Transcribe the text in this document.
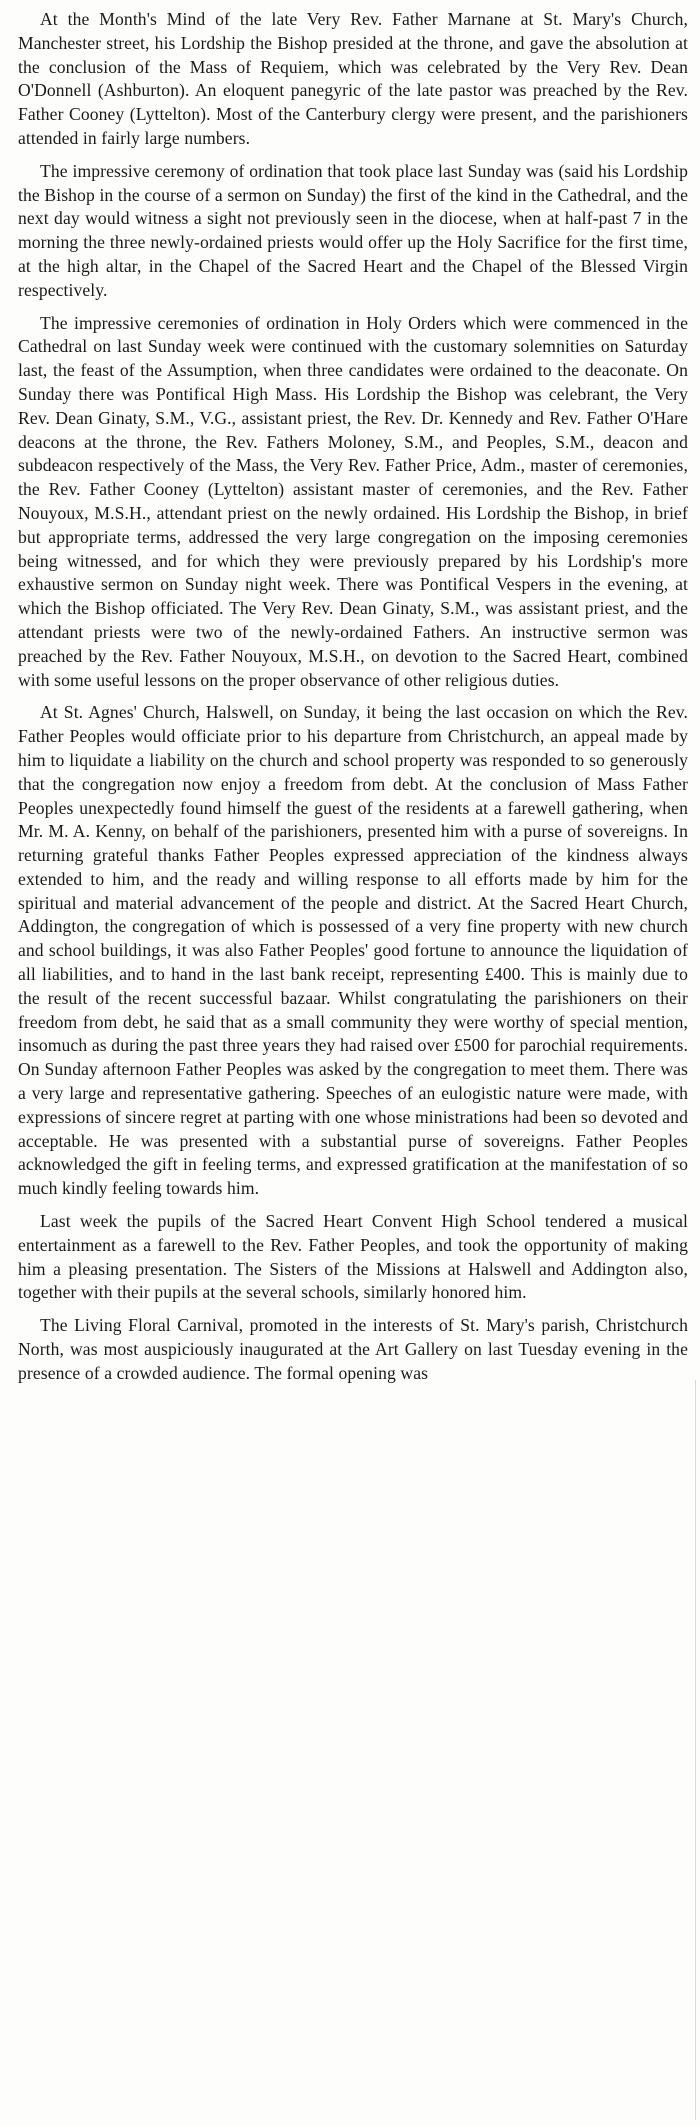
At the Month's Mind of the late Very Rev. Father Marnane at St. Mary's Church, Manchester street, his Lordship the Bishop presided at the throne, and gave the absolution at the conclusion of the Mass of Requiem, which was celebrated by the Very Rev. Dean O'Donnell (Ashburton). An eloquent panegyric of the late pastor was preached by the Rev. Father Cooney (Lyttelton). Most of the Canterbury clergy were present, and the parishioners attended in fairly large numbers.

The impressive ceremony of ordination that took place last Sunday was (said his Lordship the Bishop in the course of a sermon on Sunday) the first of the kind in the Cathedral, and the next day would witness a sight not previously seen in the diocese, when at half-past 7 in the morning the three newly-ordained priests would offer up the Holy Sacrifice for the first time, at the high altar, in the Chapel of the Sacred Heart and the Chapel of the Blessed Virgin respectively.

The impressive ceremonies of ordination in Holy Orders which were commenced in the Cathedral on last Sunday week were continued with the customary solemnities on Saturday last, the feast of the Assumption, when three candidates were ordained to the deaconate. On Sunday there was Pontifical High Mass. His Lordship the Bishop was celebrant, the Very Rev. Dean Ginaty, S.M., V.G., assistant priest, the Rev. Dr. Kennedy and Rev. Father O'Hare deacons at the throne, the Rev. Fathers Moloney, S.M., and Peoples, S.M., deacon and subdeacon respectively of the Mass, the Very Rev. Father Price, Adm., master of ceremonies, the Rev. Father Cooney (Lyttelton) assistant master of ceremonies, and the Rev. Father Nouyoux, M.S.H., attendant priest on the newly ordained. His Lordship the Bishop, in brief but appropriate terms, addressed the very large congregation on the imposing ceremonies being witnessed, and for which they were previously prepared by his Lordship's more exhaustive sermon on Sunday night week. There was Pontifical Vespers in the evening, at which the Bishop officiated. The Very Rev. Dean Ginaty, S.M., was assistant priest, and the attendant priests were two of the newly-ordained Fathers. An instructive sermon was preached by the Rev. Father Nouyoux, M.S.H., on devotion to the Sacred Heart, combined with some useful lessons on the proper observance of other religious duties.

At St. Agnes' Church, Halswell, on Sunday, it being the last occasion on which the Rev. Father Peoples would officiate prior to his departure from Christchurch, an appeal made by him to liquidate a liability on the church and school property was responded to so generously that the congregation now enjoy a freedom from debt. At the conclusion of Mass Father Peoples unexpectedly found himself the guest of the residents at a farewell gathering, when Mr. M. A. Kenny, on behalf of the parishioners, presented him with a purse of sovereigns. In returning grateful thanks Father Peoples expressed appreciation of the kindness always extended to him, and the ready and willing response to all efforts made by him for the spiritual and material advancement of the people and district. At the Sacred Heart Church, Addington, the congregation of which is possessed of a very fine property with new church and school buildings, it was also Father Peoples' good fortune to announce the liquidation of all liabilities, and to hand in the last bank receipt, representing £400. This is mainly due to the result of the recent successful bazaar. Whilst congratulating the parishioners on their freedom from debt, he said that as a small community they were worthy of special mention, insomuch as during the past three years they had raised over £500 for parochial requirements. On Sunday afternoon Father Peoples was asked by the congregation to meet them. There was a very large and representative gathering. Speeches of an eulogistic nature were made, with expressions of sincere regret at parting with one whose ministrations had been so devoted and acceptable. He was presented with a substantial purse of sovereigns. Father Peoples acknowledged the gift in feeling terms, and expressed gratification at the manifestation of so much kindly feeling towards him.

Last week the pupils of the Sacred Heart Convent High School tendered a musical entertainment as a farewell to the Rev. Father Peoples, and took the opportunity of making him a pleasing presentation. The Sisters of the Missions at Halswell and Addington also, together with their pupils at the several schools, similarly honored him.

The Living Floral Carnival, promoted in the interests of St. Mary's parish, Christchurch North, was most auspiciously inaugurated at the Art Gallery on last Tuesday evening in the presence of a crowded audience. The formal opening was
